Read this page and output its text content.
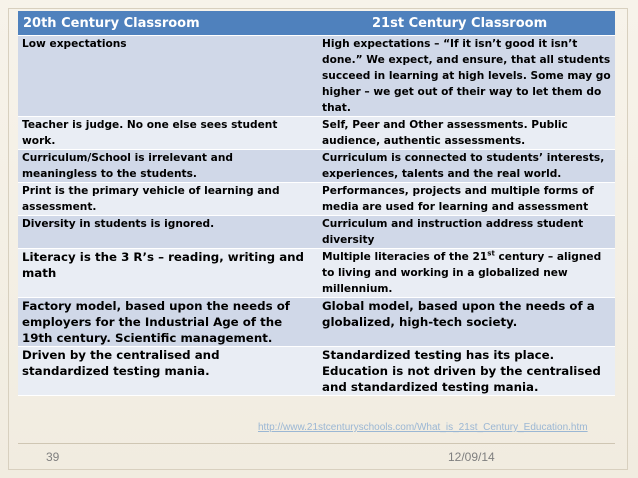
20th Century Classroom	21st Century Classroom
Low expectations	High expectations – “If it isn’t good it isn’t done.” We expect, and ensure, that all students succeed in learning at high levels. Some may go higher – we get out of their way to let them do that.
Teacher is judge. No one else sees student work.	Self, Peer and Other assessments. Public audience, authentic assessments.
Curriculum/School is irrelevant and meaningless to the students.	Curriculum is connected to students’ interests, experiences, talents and the real world.
Print is the primary vehicle of learning and assessment.	Performances, projects and multiple forms of media are used for learning and assessment
Diversity in students is ignored.	Curriculum and instruction address student diversity
Literacy is the 3 R’s – reading, writing and math	Multiple literacies of the 21st century – aligned to living and working in a globalized new millennium.
Factory model, based upon the needs of employers for the Industrial Age of the 19th century. Scientific management.	Global model, based upon the needs of a globalized, high-tech society.
Driven by the centralised and standardized testing mania.	Standardized testing has its place. Education is not driven by the centralised and standardized testing mania.
http://www.21stcenturyschools.com/What_is_21st_Century_Education.htm
39	12/09/14
